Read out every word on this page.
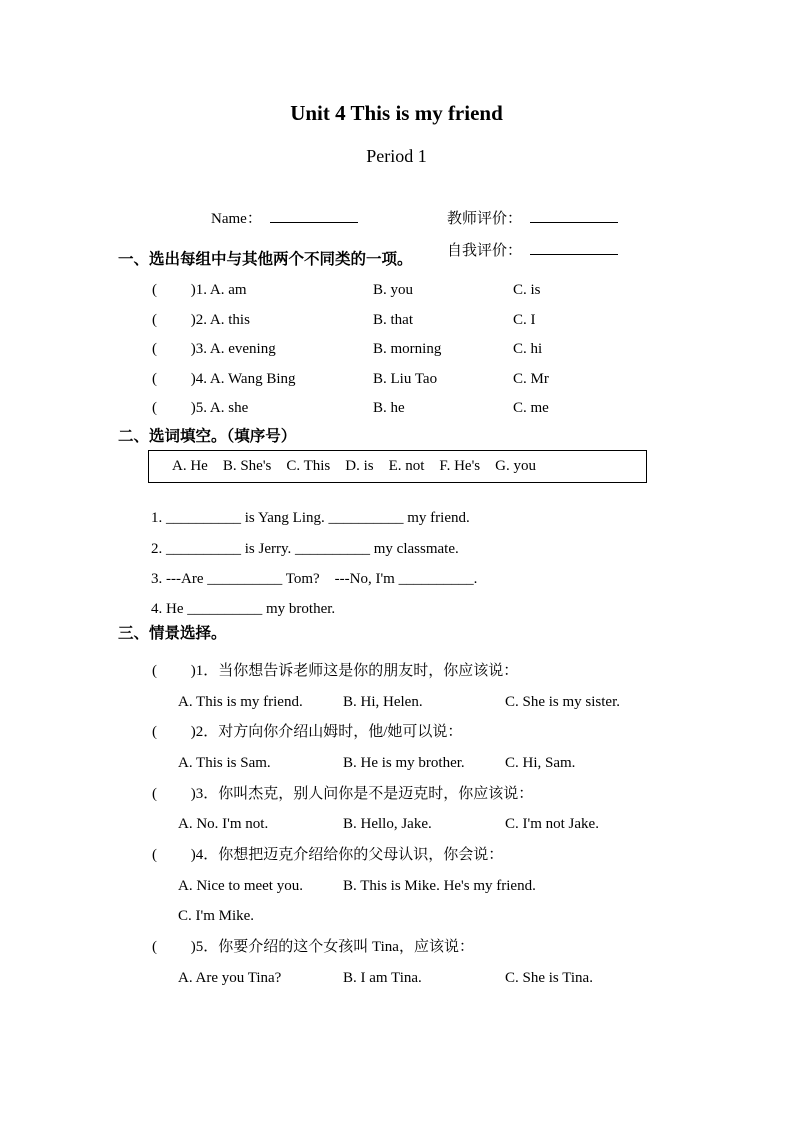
Unit 4 This is my friend
Period 1

Name：
	教师评价：

自我评价：

一、选出每组中与其他两个不同类的一项。
(         )1. A. am	B. you	C. is
(         )2. A. this	B. that	C. I
(         )3. A. evening	B. morning	C. hi
(         )4. A. Wang Bing	B. Liu Tao	C. Mr
(         )5. A. she	B. he	C. me
二、选词填空。（填序号）
A. He    B. She's    C. This    D. is    E. not    F. He's    G. you
1. __________ is Yang Ling. __________ my friend.
2. __________ is Jerry. __________ my classmate.
3. ---Are __________ Tom?    ---No, I'm __________.
4. He __________ my brother.
三、情景选择。
(         )1．当你想告诉老师这是你的朋友时，你应该说：
A. This is my friend.	B. Hi, Helen.	C. She is my sister.
(         )2．对方向你介绍山姆时，他/她可以说：
A. This is Sam.	B. He is my brother.	C. Hi, Sam.
(         )3．你叫杰克，别人问你是不是迈克时，你应该说：
A. No. I'm not.	B. Hello, Jake.	C. I'm not Jake.
(         )4．你想把迈克介绍给你的父母认识，你会说：
A. Nice to meet you.	B. This is Mike. He's my friend.
C. I'm Mike.
(         )5．你要介绍的这个女孩叫 Tina，应该说：
A. Are you Tina?	B. I am Tina.	C. She is Tina.
